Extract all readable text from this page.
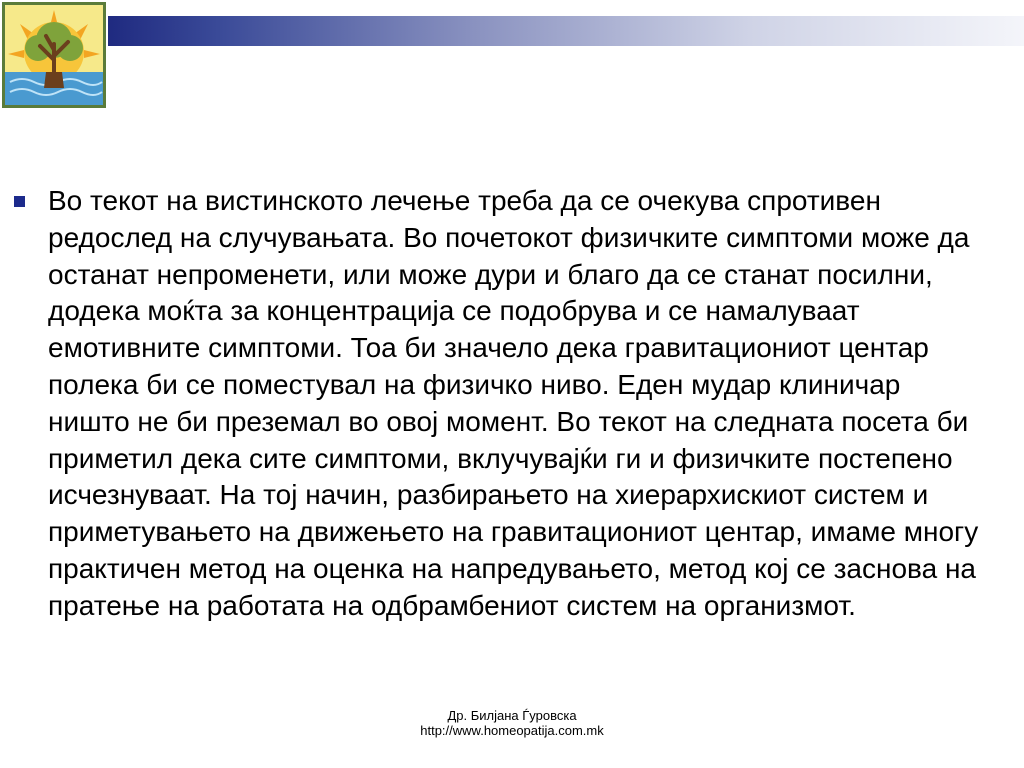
Во текот на вистинското лечење треба да се очекува спротивен редослед на случувањата. Во почетокот физичките симптоми може да останат непроменети, или може дури и благо да се станат посилни, додека моќта за концентрација се подобрува и се намалуваат емотивните симптоми. Тоа би значело дека гравитациониот центар полека би се поместувал на физичко ниво. Еден мудар клиничар ништо не би преземал во овој момент. Во текот на следната посета би приметил дека сите симптоми, вклучувајќи ги и физичките постепено исчезнуваат. На тој начин, разбирањето на хиерархискиот систем и приметувањето на движењето на гравитациониот центар, имаме многу практичен метод на оценка на напредувањето, метод кој се заснова на пратење на работата на одбрамбениот систем на организмот.
Др. Билјана Ѓуровска
http://www.homeopatija.com.mk
